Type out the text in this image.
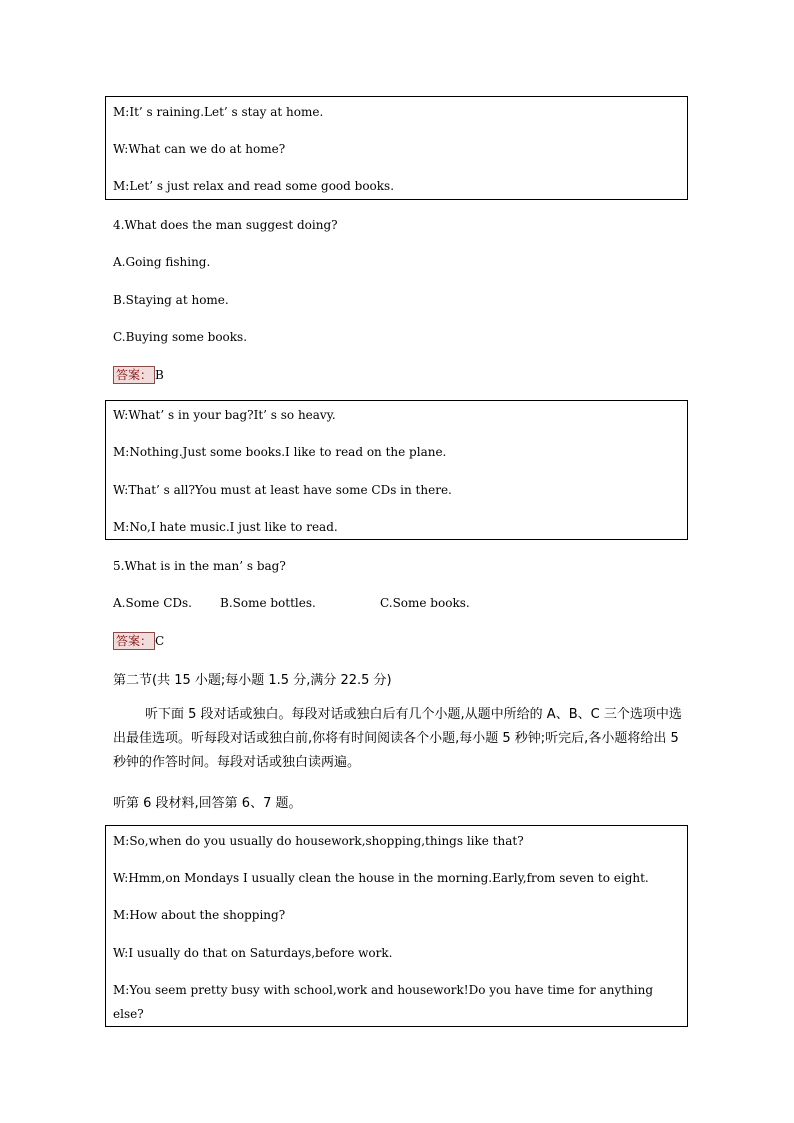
M:It’ s raining.Let’ s stay at home.
W:What can we do at home?
M:Let’ s just relax and read some good books.
4.What does the man suggest doing?
A.Going fishing.
B.Staying at home.
C.Buying some books.
答案： B
W:What’ s in your bag?It’ s so heavy.
M:Nothing.Just some books.I like to read on the plane.
W:That’ s all?You must at least have some CDs in there.
M:No,I hate music.I just like to read.
5.What is in the man’ s bag?
A.Some CDs. B.Some bottles.	C.Some books.
答案： C
第二节(共 15 小题;每小题 1.5 分,满分 22.5 分)
听下面 5 段对话或独白。每段对话或独白后有几个小题,从题中所给的 A、B、C 三个选项中选出最佳选项。听每段对话或独白前,你将有时间阅读各个小题,每小题 5 秒钟;听完后,各小题将给出 5 秒钟的作答时间。每段对话或独白读两遍。
听第 6 段材料,回答第 6、7 题。
M:So,when do you usually do housework,shopping,things like that?
W:Hmm,on Mondays I usually clean the house in the morning.Early,from seven to eight.
M:How about the shopping?
W:I usually do that on Saturdays,before work.
M:You seem pretty busy with school,work and housework!Do you have time for anything
else?
